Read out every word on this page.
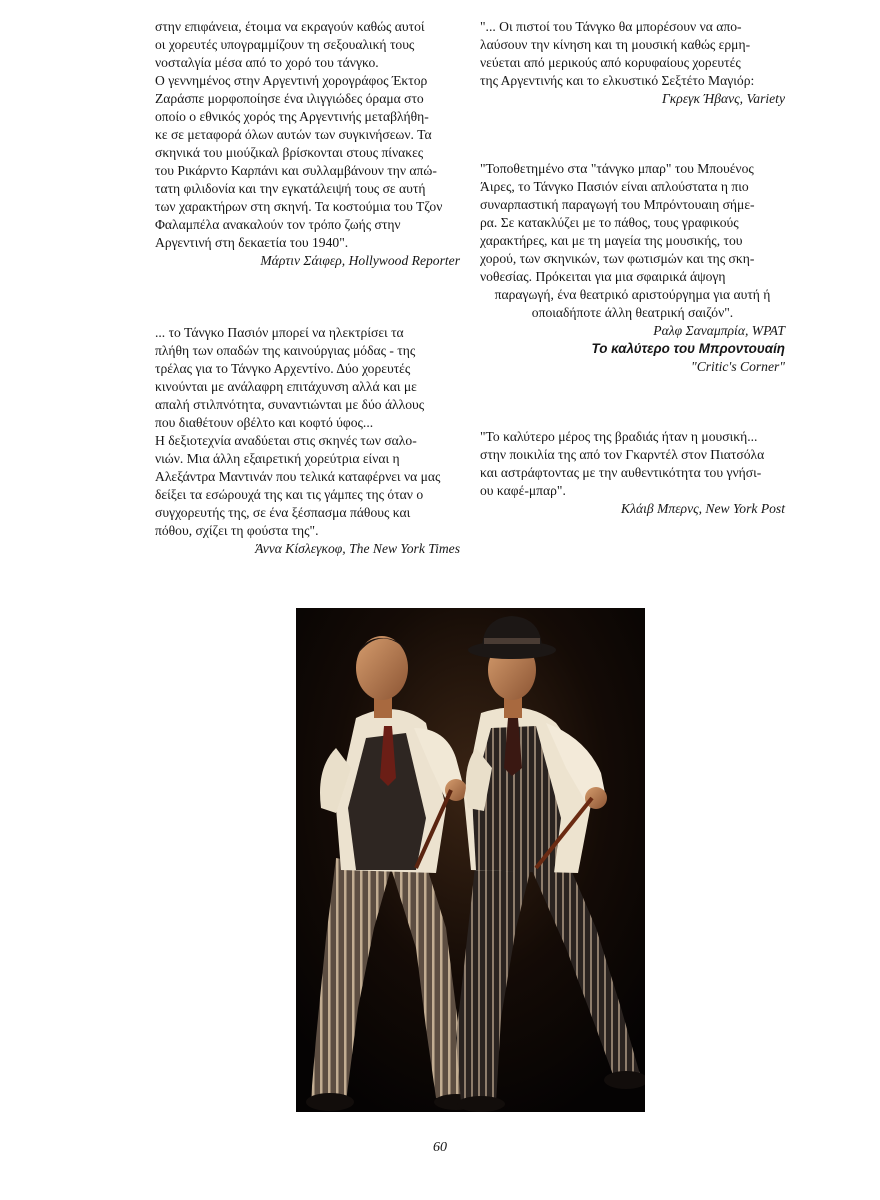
στην επιφάνεια, έτοιμα να εκραγούν καθώς αυτοί

οι χορευτές υπογραμμίζουν τη σεξουαλική τους

νοσταλγία μέσα από το χορό του τάνγκο.

Ο γεννημένος στην Αργεντινή χορογράφος Έκτορ

Ζαράσπε μορφοποίησε ένα ιλιγγιώδες όραμα στο

οποίο ο εθνικός χορός της Αργεντινής μεταβλήθη-

κε σε μεταφορά όλων αυτών των συγκινήσεων. Τα

σκηνικά του μιούζικαλ βρίσκονται στους πίνακες

του Ρικάρντο Καρπάνι και συλλαμβάνουν την απώ-

τατη φιλιδονία και την εγκατάλειψή τους σε αυτή

των χαρακτήρων στη σκηνή. Τα κοστούμια του Τζον

Φαλαμπέλα ανακαλούν τον τρόπο ζωής στην

Αργεντινή στη δεκαετία του 1940".

Μάρτιν Σάιφερ, Hollywood Reporter

... το Τάνγκο Πασιόν μπορεί να ηλεκτρίσει τα

πλήθη των οπαδών της καινούργιας μόδας - της

τρέλας για το Τάνγκο Αρχεντίνο. Δύο χορευτές

κινούνται με ανάλαφρη επιτάχυνση αλλά και με

απαλή στιλπνότητα, συναντιώνται με δύο άλλους

που διαθέτουν οβέλτο και κοφτό ύφος...

Η δεξιοτεχνία αναδύεται στις σκηνές των σαλο-

νιών. Μια άλλη εξαιρετική χορεύτρια είναι η

Αλεξάντρα Μαντινάν που τελικά καταφέρνει να μας

δείξει τα εσώρουχά της και τις γάμπες της όταν ο

συγχορευτής της, σε ένα ξέσπασμα πάθους και

πόθου, σχίζει τη φούστα της".

Άννα Κίσλεγκοφ, The New York Times

"... Οι πιστοί του Τάνγκο θα μπορέσουν να απο-

λαύσουν την κίνηση και τη μουσική καθώς ερμη-

νεύεται από μερικούς από κορυφαίους χορευτές

της Αργεντινής και το ελκυστικό Σεξτέτο Μαγιόρ:

Γκρεγκ Ήβανς, Variety

"Τοποθετημένο στα "τάνγκο μπαρ" του Μπουένος

Άιρες, το Τάνγκο Πασιόν είναι απλούστατα η πιο

συναρπαστική παραγωγή του Μπρόντουαιη σήμε-

ρα. Σε κατακλύζει με το πάθος, τους γραφικούς

χαρακτήρες, και με τη μαγεία της μουσικής, του

χορού, των σκηνικών, των φωτισμών και της σκη-

νοθεσίας. Πρόκειται για μια σφαιρικά άψογη

παραγωγή, ένα θεατρικό αριστούργημα για αυτή ή

οποιαδήποτε άλλη θεατρική σαιζόν".

Ραλφ Σαναμπρία, WPAT

Το καλύτερο του Μπροντουαίη

"Critic's Corner"

"Το καλύτερο μέρος της βραδιάς ήταν η μουσική...

στην ποικιλία της από τον Γκαρντέλ στον Πιατσόλα

και αστράφτοντας με την αυθεντικότητα του γνήσι-

ου καφέ-μπαρ".

Κλάιβ Μπερνς, New York Post

60
